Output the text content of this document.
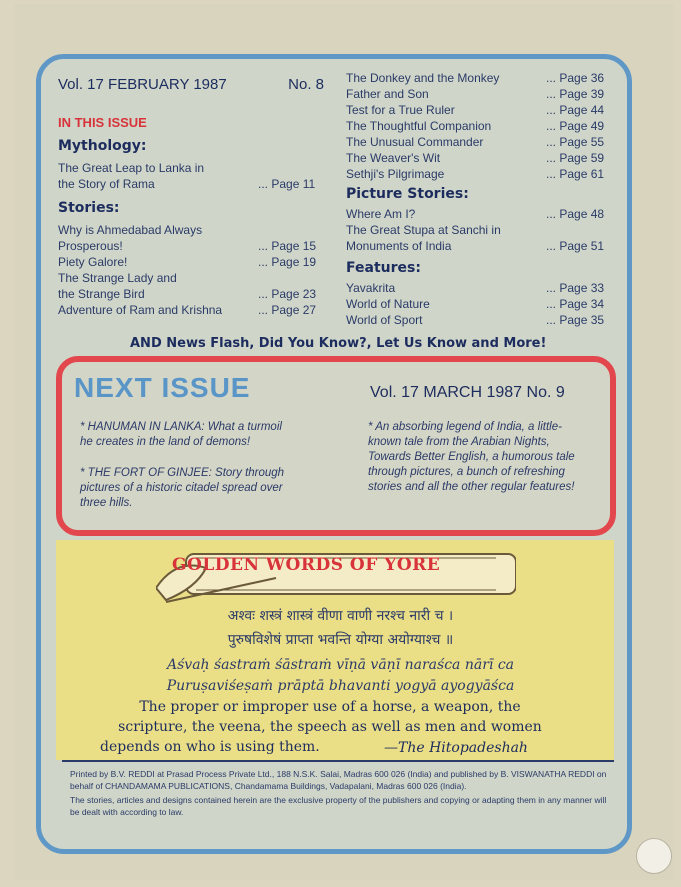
Vol. 17 FEBRUARY 1987	No. 8
IN THIS ISSUE
Mythology:
The Great Leap to Lanka in
the Story of Rama	... Page 11
Stories:
Why is Ahmedabad Always
Prosperous!	... Page 15
Piety Galore!	... Page 19
The Strange Lady and
the Strange Bird	... Page 23
Adventure of Ram and Krishna	... Page 27
The Donkey and the Monkey	... Page 36
Father and Son	... Page 39
Test for a True Ruler	... Page 44
The Thoughtful Companion	... Page 49
The Unusual Commander	... Page 55
The Weaver's Wit	... Page 59
Sethji's Pilgrimage	... Page 61
Picture Stories:
Where Am I?	... Page 48
The Great Stupa at Sanchi in
Monuments of India	... Page 51
Features:
Yavakrita	... Page 33
World of Nature	... Page 34
World of Sport	... Page 35
AND News Flash, Did You Know?, Let Us Know and More!
NEXT ISSUE	Vol. 17 MARCH 1987 No. 9
* HANUMAN IN LANKA: What a turmoil
he creates in the land of demons!
* THE FORT OF GINJEE: Story through
pictures of a historic citadel spread over
three hills.
* An absorbing legend of India, a little-
known tale from the Arabian Nights,
Towards Better English, a humorous tale
through pictures, a bunch of refreshing
stories and all the other regular features!
GOLDEN WORDS OF YORE
अश्वः शस्त्रं शास्त्रं वीणा वाणी नरश्च नारी च ।
पुरुषविशेषं प्राप्ता भवन्ति योग्या अयोग्याश्च ॥
Aśvaḥ śastraṁ śāstraṁ vīṇā vāṇī naraśca nārī ca
Puruṣaviśeṣaṁ prāptā bhavanti yogyā ayogyāśca
The proper or improper use of a horse, a weapon, the
scripture, the veena, the speech as well as men and women
depends on who is using them.	—The Hitopadeshah

Printed by B.V. REDDI at Prasad Process Private Ltd., 188 N.S.K. Salai, Madras 600 026 (India) and published by B. VISWANATHA REDDI on behalf of CHANDAMAMA PUBLICATIONS, Chandamama Buildings, Vadapalani, Madras 600 026 (India).

The stories, articles and designs contained herein are the exclusive property of the publishers and copying or adapting them in any manner will be dealt with according to law.
